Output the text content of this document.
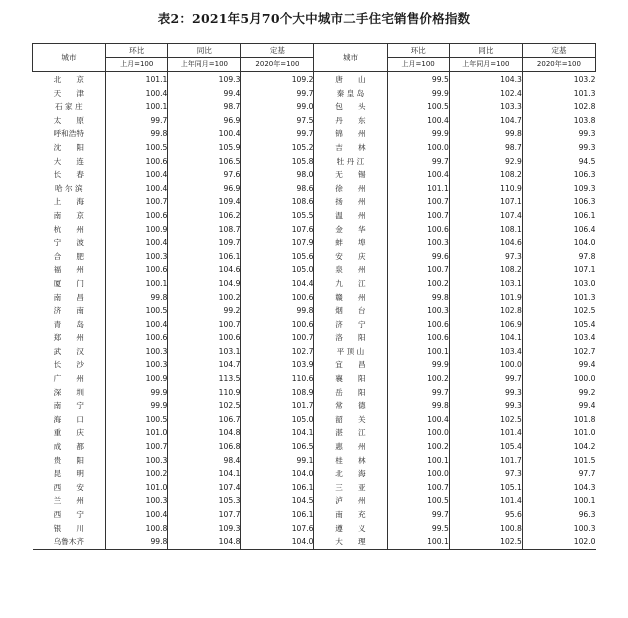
表2：2021年5月70个大中城市二手住宅销售价格指数
城市	环比	同比	定基	城市	环比	同比	定基
	上月=100	上年同月=100	2020年=100		上月=100	上年同月=100	2020年=100
北　　京	101.1	109.3	109.2	唐　　山	99.5	104.3	103.2
天　　津	100.4	99.4	99.7	秦 皇 岛	99.9	102.4	101.3
石 家 庄	100.1	98.7	99.0	包　　头	100.5	103.3	102.8
太　　原	99.7	96.9	97.5	丹　　东	100.4	104.7	103.8
呼和浩特	99.8	100.4	99.7	锦　　州	99.9	99.8	99.3
沈　　阳	100.5	105.9	105.2	吉　　林	100.0	98.7	99.3
大　　连	100.6	106.5	105.8	牡 丹 江	99.7	92.9	94.5
长　　春	100.4	97.6	98.0	无　　锡	100.4	108.2	106.3
哈 尔 滨	100.4	96.9	98.6	徐　　州	101.1	110.9	109.3
上　　海	100.7	109.4	108.6	扬　　州	100.7	107.1	106.3
南　　京	100.6	106.2	105.5	温　　州	100.7	107.4	106.1
杭　　州	100.9	108.7	107.6	金　　华	100.6	108.1	106.4
宁　　波	100.4	109.7	107.9	蚌　　埠	100.3	104.6	104.0
合　　肥	100.3	106.1	105.6	安　　庆	99.6	97.3	97.8
福　　州	100.6	104.6	105.0	泉　　州	100.7	108.2	107.1
厦　　门	100.1	104.9	104.4	九　　江	100.2	103.1	103.0
南　　昌	99.8	100.2	100.6	赣　　州	99.8	101.9	101.3
济　　南	100.5	99.2	99.8	烟　　台	100.3	102.8	102.5
青　　岛	100.4	100.7	100.6	济　　宁	100.6	106.9	105.4
郑　　州	100.6	100.6	100.7	洛　　阳	100.6	104.1	103.4
武　　汉	100.3	103.1	102.7	平 顶 山	100.1	103.4	102.7
长　　沙	100.3	104.7	103.9	宜　　昌	99.9	100.0	99.4
广　　州	100.9	113.5	110.6	襄　　阳	100.2	99.7	100.0
深　　圳	99.9	110.9	108.9	岳　　阳	99.7	99.3	99.2
南　　宁	99.9	102.5	101.7	常　　德	99.8	99.3	99.4
海　　口	100.5	106.7	105.0	韶　　关	100.4	102.5	101.8
重　　庆	101.0	104.8	104.1	湛　　江	100.0	101.4	101.0
成　　都	100.7	106.8	106.5	惠　　州	100.2	105.4	104.2
贵　　阳	100.3	98.4	99.1	桂　　林	100.1	101.7	101.5
昆　　明	100.2	104.1	104.0	北　　海	100.0	97.3	97.7
西　　安	101.0	107.4	106.1	三　　亚	100.7	105.1	104.3
兰　　州	100.3	105.3	104.5	泸　　州	100.5	101.4	100.1
西　　宁	100.4	107.7	106.1	南　　充	99.7	95.6	96.3
银　　川	100.8	109.3	107.6	遵　　义	99.5	100.8	100.3
乌鲁木齐	99.8	104.8	104.0	大　　理	100.1	102.5	102.0
